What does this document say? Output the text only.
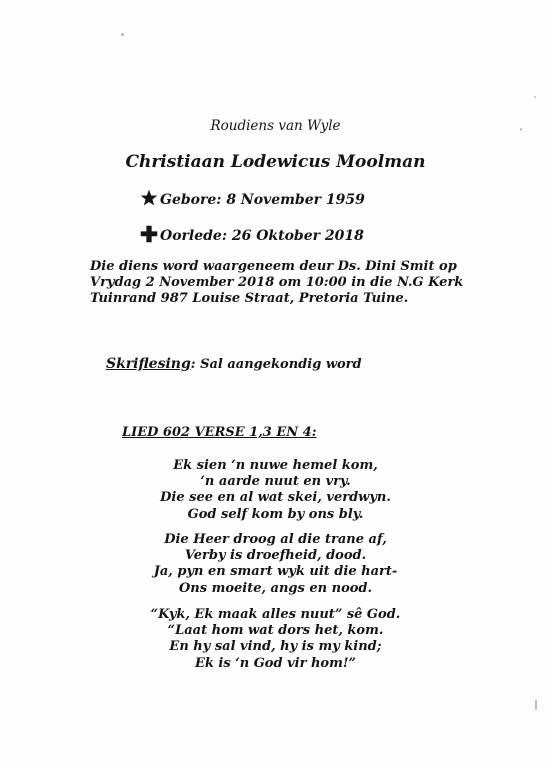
Roudiens van Wyle
Christiaan Lodewicus Moolman
Gebore: 8 November 1959
Oorlede: 26 Oktober 2018
Die diens word waargeneem deur Ds. Dini Smit op
Vrydag 2 November 2018 om 10:00 in die N.G Kerk
Tuinrand 987 Louise Straat, Pretoria Tuine.
Skriflesing: Sal aangekondig word
LIED 602 VERSE 1,3 EN 4:
Ek sien ‘n nuwe hemel kom,
‘n aarde nuut en vry.
Die see en al wat skei, verdwyn.
God self kom by ons bly.
Die Heer droog al die trane af,
Verby is droefheid, dood.
Ja, pyn en smart wyk uit die hart-
Ons moeite, angs en nood.
“Kyk, Ek maak alles nuut” sê God.
“Laat hom wat dors het, kom.
En hy sal vind, hy is my kind;
Ek is ‘n God vir hom!”
